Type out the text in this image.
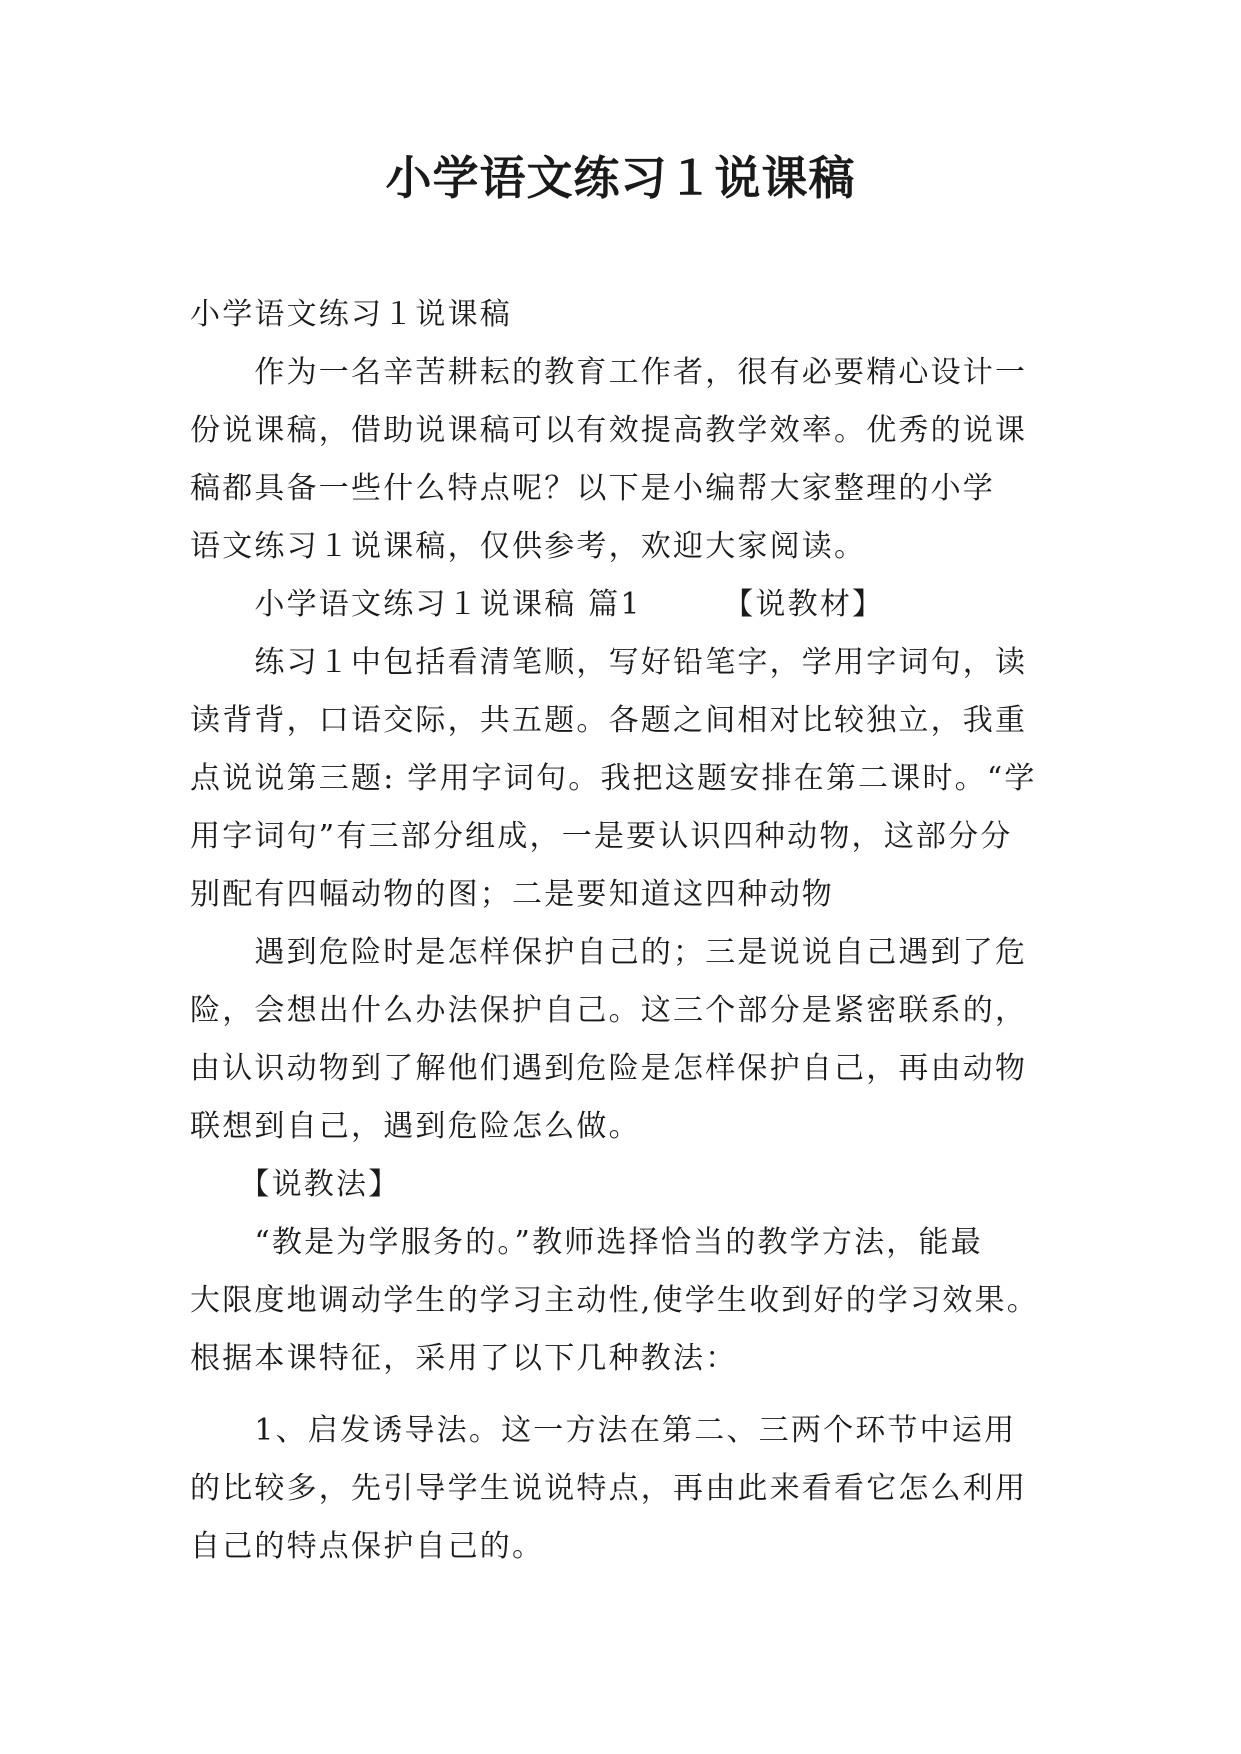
小学语文练习１说课稿
小学语文练习１说课稿
　　作为一名辛苦耕耘的教育工作者，很有必要精心设计一
份说课稿，借助说课稿可以有效提高教学效率。优秀的说课
稿都具备一些什么特点呢？以下是小编帮大家整理的小学
语文练习１说课稿，仅供参考，欢迎大家阅读。
　　小学语文练习１说课稿 篇1　　　【说教材】
　　练习１中包括看清笔顺，写好铅笔字，学用字词句，读
读背背，口语交际，共五题。各题之间相对比较独立，我重
点说说第三题: 学用字词句。我把这题安排在第二课时。“学
用字词句”有三部分组成，一是要认识四种动物，这部分分
别配有四幅动物的图；二是要知道这四种动物
　　遇到危险时是怎样保护自己的；三是说说自己遇到了危
险，会想出什么办法保护自己。这三个部分是紧密联系的，
由认识动物到了解他们遇到危险是怎样保护自己，再由动物
联想到自己，遇到危险怎么做。
　　【说教法】
　　“教是为学服务的。”教师选择恰当的教学方法，能最
大限度地调动学生的学习主动性,使学生收到好的学习效果。
根据本课特征，采用了以下几种教法：
　　1、启发诱导法。这一方法在第二、三两个环节中运用
的比较多，先引导学生说说特点，再由此来看看它怎么利用
自己的特点保护自己的。
